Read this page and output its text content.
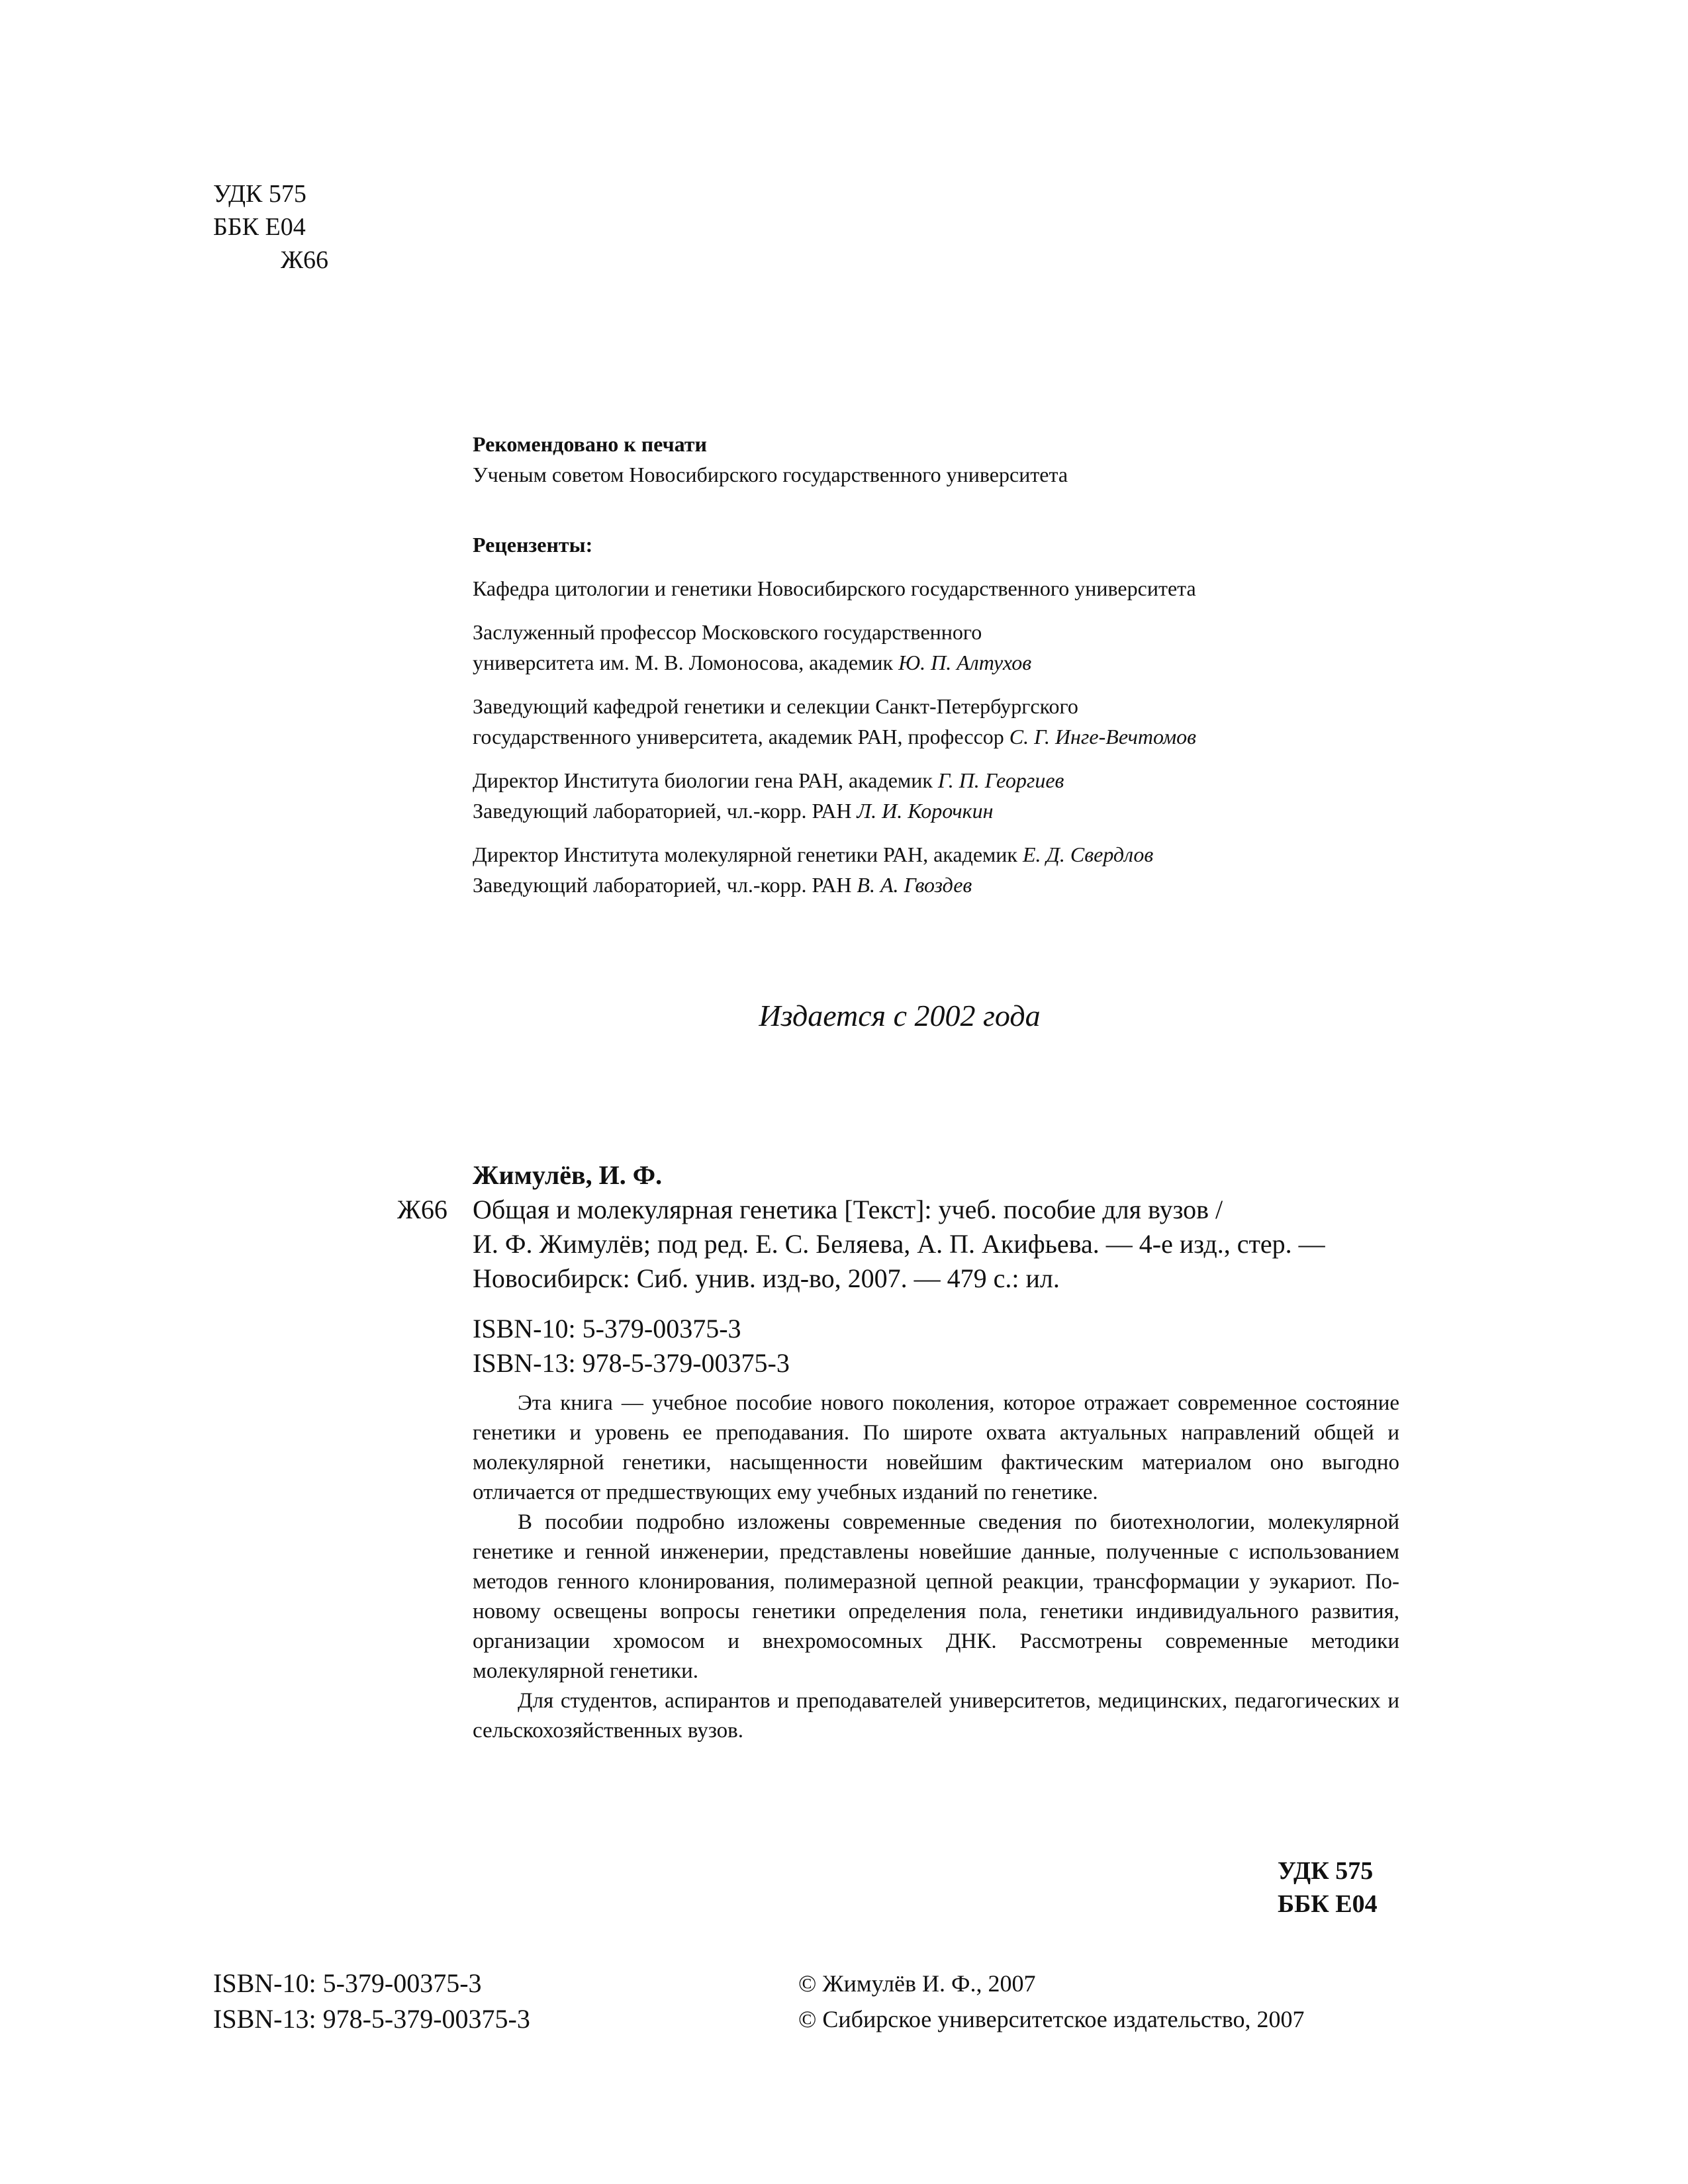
УДК 575
ББК Е04
Ж66
Рекомендовано к печати
Ученым советом Новосибирского государственного университета
Рецензенты:
Кафедра цитологии и генетики Новосибирского государственного университета
Заслуженный профессор Московского государственного
университета им. М. В. Ломоносова, академик Ю. П. Алтухов
Заведующий кафедрой генетики и селекции Санкт-Петербургского
государственного университета, академик РАН, профессор С. Г. Инге-Вечтомов
Директор Института биологии гена РАН, академик Г. П. Георгиев
Заведующий лабораторией, чл.-корр. РАН Л. И. Корочкин
Директор Института молекулярной генетики РАН, академик Е. Д. Свердлов
Заведующий лабораторией, чл.-корр. РАН В. А. Гвоздев
Издается с 2002 года
Жимулёв, И. Ф.
Ж66 Общая и молекулярная генетика [Текст]: учеб. пособие для вузов /
И. Ф. Жимулёв; под ред. Е. С. Беляева, А. П. Акифьева. — 4-е изд., стер. —
Новосибирск: Сиб. унив. изд-во, 2007. — 479 с.: ил.
ISBN-10: 5-379-00375-3
ISBN-13: 978-5-379-00375-3

Эта книга — учебное пособие нового поколения, которое отражает современное состояние генетики и уровень ее преподавания. По широте охвата актуальных направлений общей и молекулярной генетики, насыщенности новейшим фактическим материалом оно выгодно отличается от предшествующих ему учебных изданий по генетике.

В пособии подробно изложены современные сведения по биотехнологии, молекулярной генетике и генной инженерии, представлены новейшие данные, полученные с использованием методов генного клонирования, полимеразной цепной реакции, трансформации у эукариот. По-новому освещены вопросы генетики определения пола, генетики индивидуального развития, организации хромосом и внехромосомных ДНК. Рассмотрены современные методики молекулярной генетики.

Для студентов, аспирантов и преподавателей университетов, медицинских, педагогических и сельскохозяйственных вузов.

УДК 575
ББК Е04
ISBN-10: 5-379-00375-3
ISBN-13: 978-5-379-00375-3
© Жимулёв И. Ф., 2007
© Сибирское университетское издательство, 2007
